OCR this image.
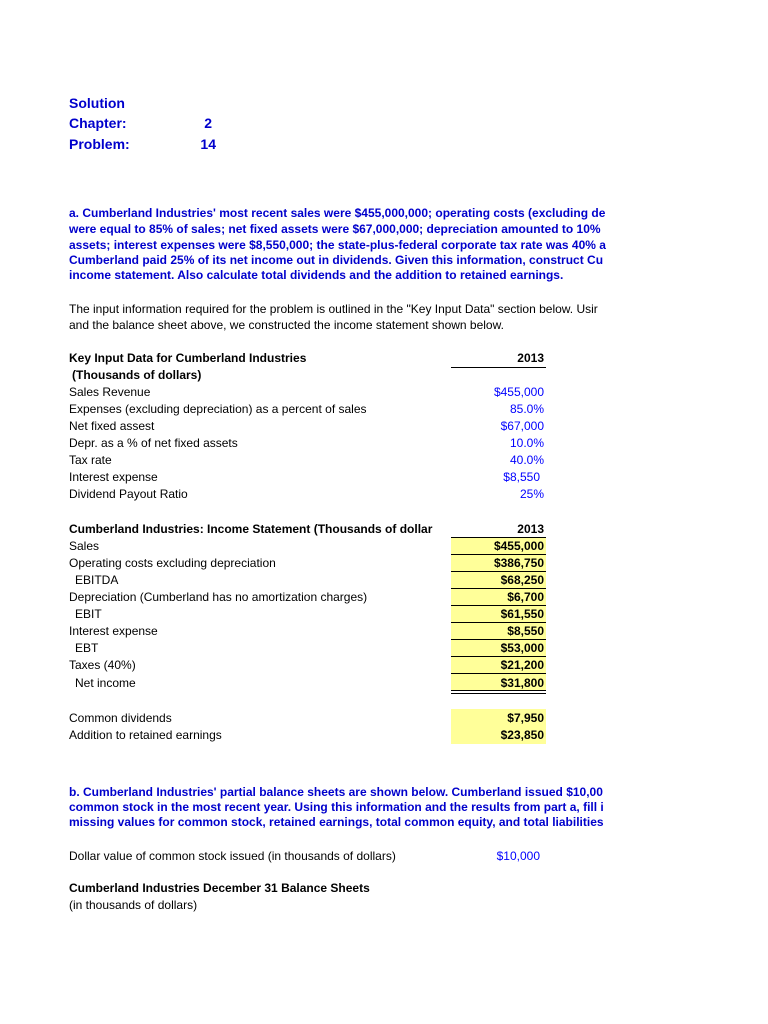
Solution
Chapter:	2
Problem:	14
a. Cumberland Industries' most recent sales were $455,000,000; operating costs (excluding de
were equal to 85% of sales; net fixed assets were $67,000,000; depreciation amounted to 10%
assets; interest expenses were $8,550,000; the state-plus-federal corporate tax rate was 40% a
Cumberland paid 25% of its net income out in dividends. Given this information, construct Cu
income statement. Also calculate total dividends and the addition to retained earnings.
The input information required for the problem is outlined in the "Key Input Data" section below. Usir
and the balance sheet above, we constructed the income statement shown below.
Key Input Data for Cumberland Industries	2013
(Thousands of dollars)
Sales Revenue	$455,000
Expenses (excluding depreciation) as a percent of sales	85.0%
Net fixed assest	$67,000
Depr. as a % of net fixed assets	10.0%
Tax rate	40.0%
Interest expense	$8,550
Dividend Payout Ratio	25%
Cumberland Industries: Income Statement (Thousands of dollar	2013
Sales	$455,000
Operating costs excluding depreciation	$386,750
EBITDA	$68,250
Depreciation (Cumberland has no amortization charges)	$6,700
EBIT	$61,550
Interest expense	$8,550
EBT	$53,000
Taxes (40%)	$21,200
Net income	$31,800
Common dividends	$7,950
Addition to retained earnings	$23,850
b. Cumberland Industries' partial balance sheets are shown below. Cumberland issued $10,00
common stock in the most recent year. Using this information and the results from part a, fill i
missing values for common stock, retained earnings, total common equity, and total liabilities
Dollar value of common stock issued (in thousands of dollars)	$10,000
Cumberland Industries December 31 Balance Sheets
(in thousands of dollars)
